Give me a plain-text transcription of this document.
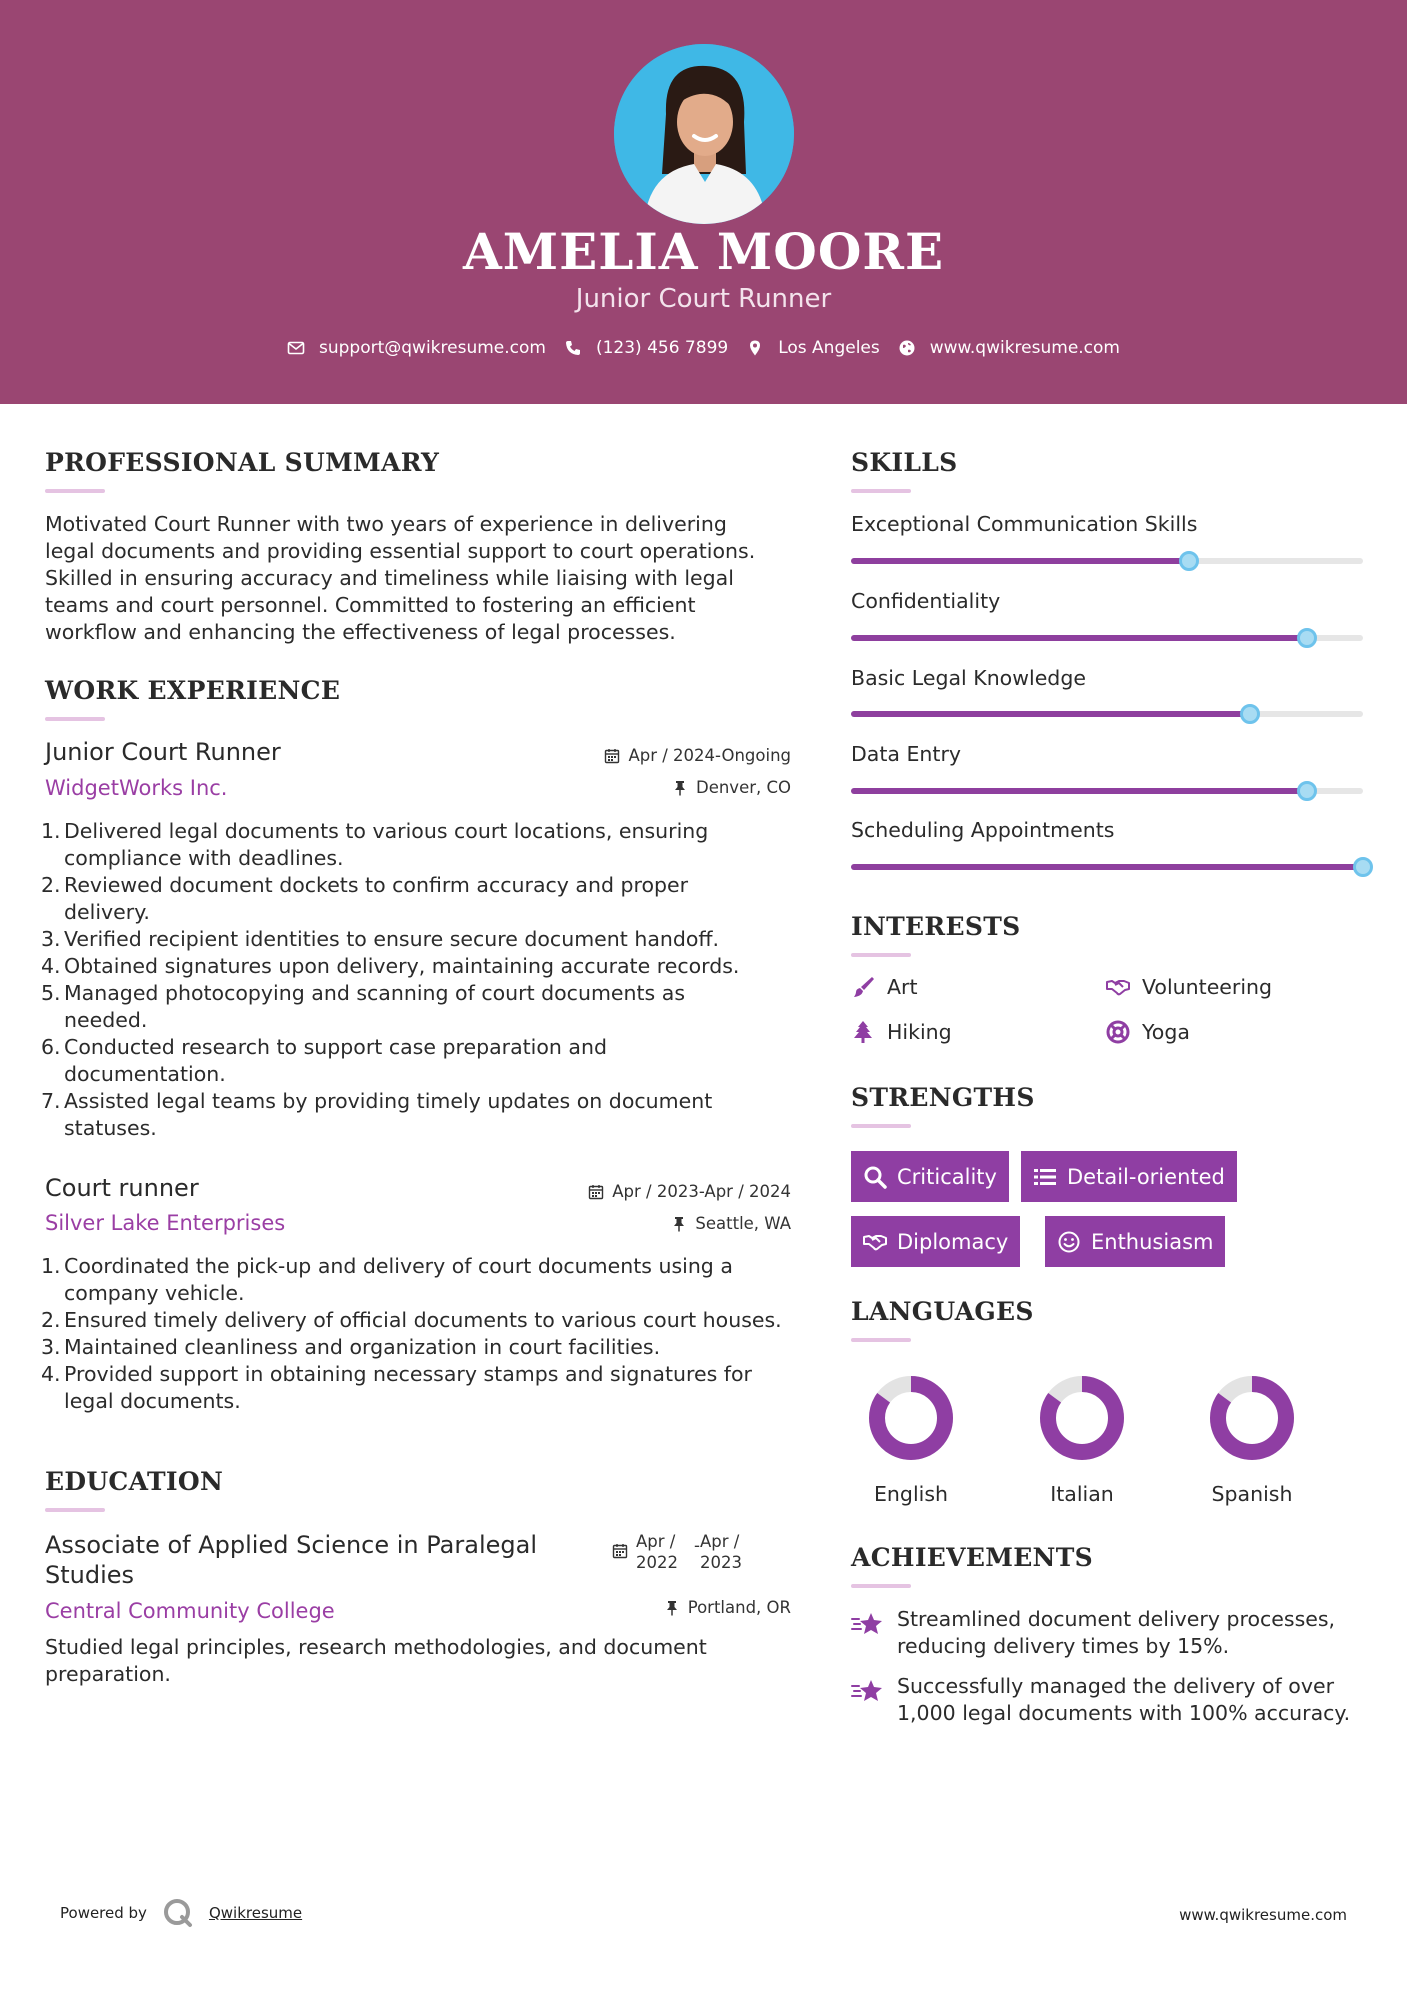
AMELIA MOORE
Junior Court Runner
support@qwikresume.com	(123) 456 7899	Los Angeles	www.qwikresume.com
PROFESSIONAL SUMMARY
Motivated Court Runner with two years of experience in delivering
legal documents and providing essential support to court operations.
Skilled in ensuring accuracy and timeliness while liaising with legal
teams and court personnel. Committed to fostering an efficient
workflow and enhancing the effectiveness of legal processes.
WORK EXPERIENCE
Junior Court Runner
WidgetWorks Inc.
Apr / 2024-Ongoing
Denver, CO
1. Delivered legal documents to various court locations, ensuring
compliance with deadlines.
2. Reviewed document dockets to confirm accuracy and proper
delivery.
3. Verified recipient identities to ensure secure document handoff.
4. Obtained signatures upon delivery, maintaining accurate records.
5. Managed photocopying and scanning of court documents as
needed.
6. Conducted research to support case preparation and
documentation.
7. Assisted legal teams by providing timely updates on document
statuses.
Court runner
Silver Lake Enterprises
Apr / 2023-Apr / 2024
Seattle, WA
1. Coordinated the pick-up and delivery of court documents using a
company vehicle.
2. Ensured timely delivery of official documents to various court houses.
3. Maintained cleanliness and organization in court facilities.
4. Provided support in obtaining necessary stamps and signatures for
legal documents.
EDUCATION
Associate of Applied Science in Paralegal
Studies
Central Community College
Apr /
2022
- Apr /
2023
Portland, OR
Studied legal principles, research methodologies, and document
preparation.
SKILLS
Exceptional Communication Skills
Confidentiality
Basic Legal Knowledge
Data Entry
Scheduling Appointments
INTERESTS
Art	Volunteering
Hiking	Yoga
STRENGTHS
Criticality	Detail-oriented
Diplomacy	Enthusiasm
LANGUAGES
English	Italian	Spanish
ACHIEVEMENTS
Streamlined document delivery processes,
reducing delivery times by 15%.
Successfully managed the delivery of over
1,000 legal documents with 100% accuracy.
Powered by	Qwikresume	www.qwikresume.com
